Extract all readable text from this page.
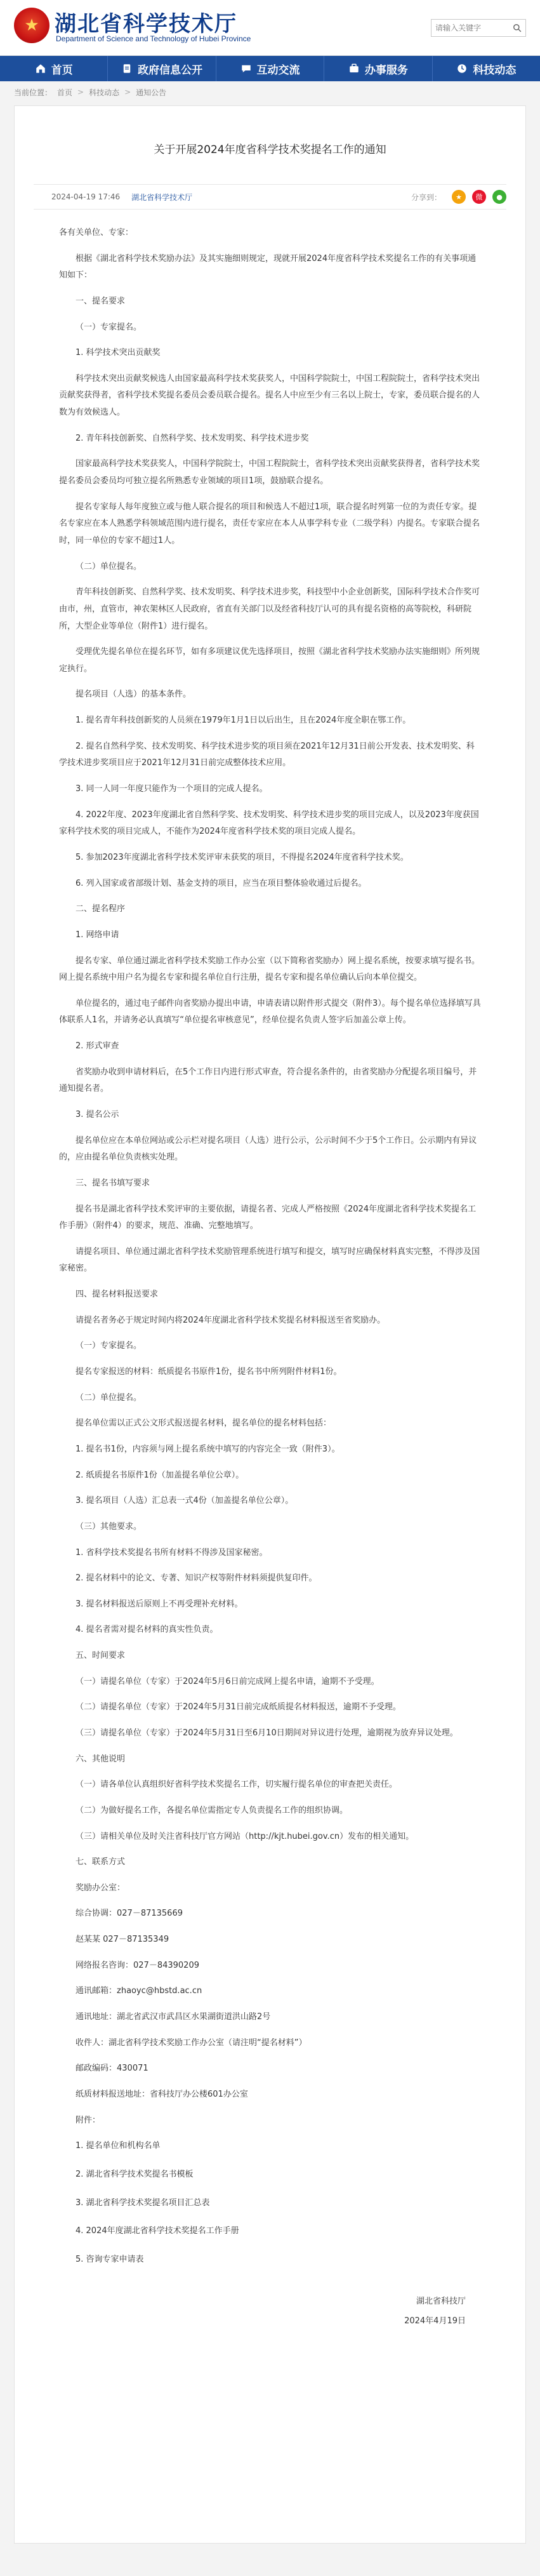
★ 湖北省科学技术厅
Department of Science and Technology of Hubei Province
请输入关键字
首页	政府信息公开	互动交流	办事服务	科技动态
当前位置： 首页 > 科技动态 > 通知公告
关于开展2024年度省科学技术奖提名工作的通知
2024-04-19 17:46 湖北省科学技术厅	分享到：	★	微	●

各有关单位、专家：

根据《湖北省科学技术奖励办法》及其实施细则规定，现就开展2024年度省科学技术奖提名工作的有关事项通知如下：

一、提名要求

（一）专家提名。

1. 科学技术突出贡献奖

科学技术突出贡献奖候选人由国家最高科学技术奖获奖人，中国科学院院士，中国工程院院士，省科学技术突出贡献奖获得者，省科学技术奖提名委员会委员联合提名。提名人中应至少有三名以上院士，专家，委员联合提名的人数为有效候选人。

2. 青年科技创新奖、自然科学奖、技术发明奖、科学技术进步奖

国家最高科学技术奖获奖人，中国科学院院士，中国工程院院士，省科学技术突出贡献奖获得者，省科学技术奖提名委员会委员均可独立提名所熟悉专业领域的项目1项，鼓励联合提名。

提名专家每人每年度独立或与他人联合提名的项目和候选人不超过1项，联合提名时列第一位的为责任专家。提名专家应在本人熟悉学科领域范围内进行提名，责任专家应在本人从事学科专业（二级学科）内提名。专家联合提名时，同一单位的专家不超过1人。

（二）单位提名。

青年科技创新奖、自然科学奖、技术发明奖、科学技术进步奖，科技型中小企业创新奖，国际科学技术合作奖可由市，州，直管市，神农架林区人民政府，省直有关部门以及经省科技厅认可的具有提名资格的高等院校，科研院所，大型企业等单位（附件1）进行提名。

受理优先提名单位在提名环节，如有多项建议优先选择项目，按照《湖北省科学技术奖励办法实施细则》所列规定执行。

提名项目（人选）的基本条件。

1. 提名青年科技创新奖的人员须在1979年1月1日以后出生，且在2024年度全职在鄂工作。

2. 提名自然科学奖、技术发明奖、科学技术进步奖的项目须在2021年12月31日前公开发表、技术发明奖、科学技术进步奖项目应于2021年12月31日前完成整体技术应用。

3. 同一人同一年度只能作为一个项目的完成人提名。

4. 2022年度、2023年度湖北省自然科学奖、技术发明奖、科学技术进步奖的项目完成人，以及2023年度获国家科学技术奖的项目完成人，不能作为2024年度省科学技术奖的项目完成人提名。

5. 参加2023年度湖北省科学技术奖评审未获奖的项目，不得提名2024年度省科学技术奖。

6. 列入国家或省部级计划、基金支持的项目，应当在项目整体验收通过后提名。

二、提名程序

1. 网络申请

提名专家、单位通过湖北省科学技术奖励工作办公室（以下简称省奖励办）网上提名系统，按要求填写提名书。网上提名系统中用户名为提名专家和提名单位自行注册，提名专家和提名单位确认后向本单位提交。

单位提名的，通过电子邮件向省奖励办提出申请，申请表请以附件形式提交（附件3）。每个提名单位选择填写具体联系人1名，并请务必认真填写“单位提名审核意见”，经单位提名负责人签字后加盖公章上传。

2. 形式审查

省奖励办收到申请材料后，在5个工作日内进行形式审查，符合提名条件的，由省奖励办分配提名项目编号，并通知提名者。

3. 提名公示

提名单位应在本单位网站或公示栏对提名项目（人选）进行公示，公示时间不少于5个工作日。公示期内有异议的，应由提名单位负责核实处理。

三、提名书填写要求

提名书是湖北省科学技术奖评审的主要依据，请提名者、完成人严格按照《2024年度湖北省科学技术奖提名工作手册》（附件4）的要求，规范、准确、完整地填写。

请提名项目、单位通过湖北省科学技术奖励管理系统进行填写和提交，填写时应确保材料真实完整，不得涉及国家秘密。

四、提名材料报送要求

请提名者务必于规定时间内将2024年度湖北省科学技术奖提名材料报送至省奖励办。

（一）专家提名。

提名专家报送的材料：纸质提名书原件1份，提名书中所列附件材料1份。

（二）单位提名。

提名单位需以正式公文形式报送提名材料，提名单位的提名材料包括：

1. 提名书1份，内容须与网上提名系统中填写的内容完全一致（附件3）。

2. 纸质提名书原件1份（加盖提名单位公章）。

3. 提名项目（人选）汇总表一式4份（加盖提名单位公章）。

（三）其他要求。

1. 省科学技术奖提名书所有材料不得涉及国家秘密。

2. 提名材料中的论文、专著、知识产权等附件材料须提供复印件。

3. 提名材料报送后原则上不再受理补充材料。

4. 提名者需对提名材料的真实性负责。

五、时间要求

（一）请提名单位（专家）于2024年5月6日前完成网上提名申请，逾期不予受理。

（二）请提名单位（专家）于2024年5月31日前完成纸质提名材料报送，逾期不予受理。

（三）请提名单位（专家）于2024年5月31日至6月10日期间对异议进行处理，逾期视为放弃异议处理。

六、其他说明

（一）请各单位认真组织好省科学技术奖提名工作，切实履行提名单位的审查把关责任。

（二）为做好提名工作，各提名单位需指定专人负责提名工作的组织协调。

（三）请相关单位及时关注省科技厅官方网站（http://kjt.hubei.gov.cn）发布的相关通知。

七、联系方式

奖励办公室：

综合协调：027－87135669

赵某某 027－87135349

网络报名咨询：027－84390209

通讯邮箱：zhaoyc@hbstd.ac.cn

通讯地址：湖北省武汉市武昌区水果湖街道洪山路2号

收件人：湖北省科学技术奖励工作办公室（请注明“提名材料”）

邮政编码：430071

纸质材料报送地址：省科技厅办公楼601办公室

附件：

1. 提名单位和机构名单

2. 湖北省科学技术奖提名书模板

3. 湖北省科学技术奖提名项目汇总表

4. 2024年度湖北省科学技术奖提名工作手册

5. 咨询专家申请表

湖北省科技厅

2024年4月19日
